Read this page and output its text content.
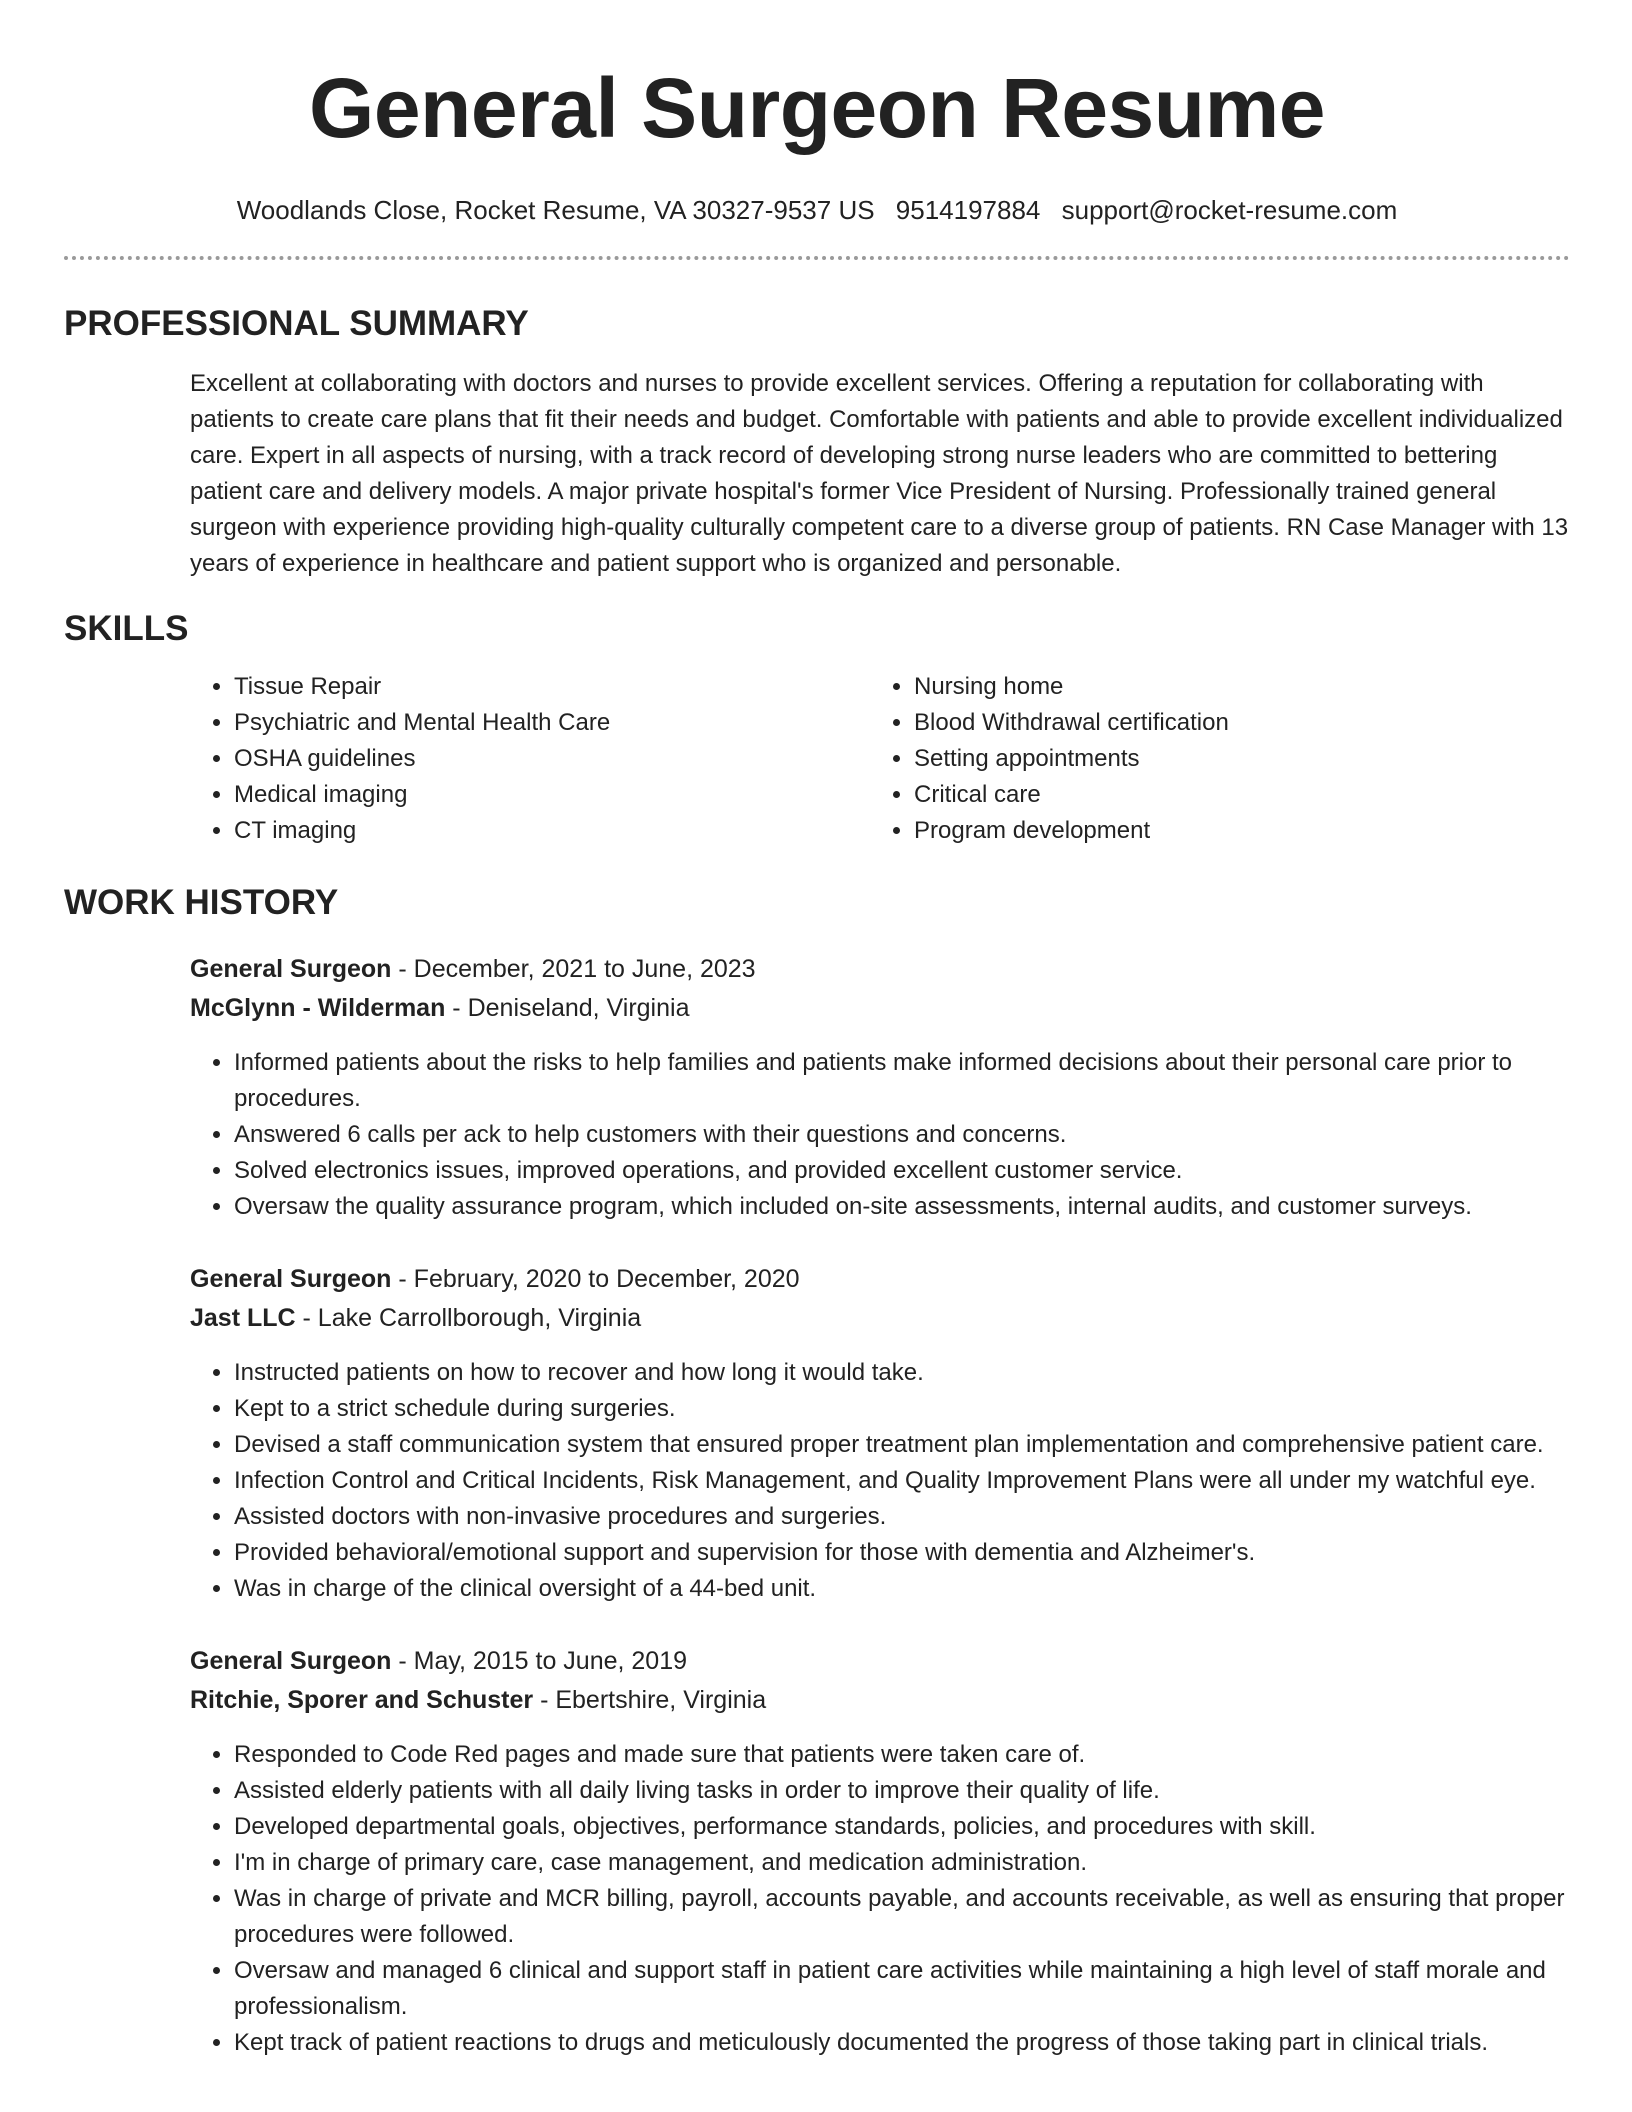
General Surgeon Resume
Woodlands Close, Rocket Resume, VA 30327-9537 US 9514197884 support@rocket-resume.com
PROFESSIONAL SUMMARY

Excellent at collaborating with doctors and nurses to provide excellent services. Offering a reputation for collaborating with patients to create care plans that fit their needs and budget. Comfortable with patients and able to provide excellent individualized care. Expert in all aspects of nursing, with a track record of developing strong nurse leaders who are committed to bettering patient care and delivery models. A major private hospital's former Vice President of Nursing. Professionally trained general surgeon with experience providing high-quality culturally competent care to a diverse group of patients. RN Case Manager with 13 years of experience in healthcare and patient support who is organized and personable.

SKILLS
• Tissue Repair
• Psychiatric and Mental Health Care
• OSHA guidelines
• Medical imaging
• CT imaging
• Nursing home
• Blood Withdrawal certification
• Setting appointments
• Critical care
• Program development
WORK HISTORY
General Surgeon - December, 2021 to June, 2023
McGlynn - Wilderman - Deniseland, Virginia
• Informed patients about the risks to help families and patients make informed decisions about their personal care prior to procedures.
• Answered 6 calls per ack to help customers with their questions and concerns.
• Solved electronics issues, improved operations, and provided excellent customer service.
• Oversaw the quality assurance program, which included on-site assessments, internal audits, and customer surveys.
General Surgeon - February, 2020 to December, 2020
Jast LLC - Lake Carrollborough, Virginia
• Instructed patients on how to recover and how long it would take.
• Kept to a strict schedule during surgeries.
• Devised a staff communication system that ensured proper treatment plan implementation and comprehensive patient care.
• Infection Control and Critical Incidents, Risk Management, and Quality Improvement Plans were all under my watchful eye.
• Assisted doctors with non-invasive procedures and surgeries.
• Provided behavioral/emotional support and supervision for those with dementia and Alzheimer's.
• Was in charge of the clinical oversight of a 44-bed unit.
General Surgeon - May, 2015 to June, 2019
Ritchie, Sporer and Schuster - Ebertshire, Virginia
• Responded to Code Red pages and made sure that patients were taken care of.
• Assisted elderly patients with all daily living tasks in order to improve their quality of life.
• Developed departmental goals, objectives, performance standards, policies, and procedures with skill.
• I'm in charge of primary care, case management, and medication administration.
• Was in charge of private and MCR billing, payroll, accounts payable, and accounts receivable, as well as ensuring that proper procedures were followed.
• Oversaw and managed 6 clinical and support staff in patient care activities while maintaining a high level of staff morale and professionalism.
• Kept track of patient reactions to drugs and meticulously documented the progress of those taking part in clinical trials.
